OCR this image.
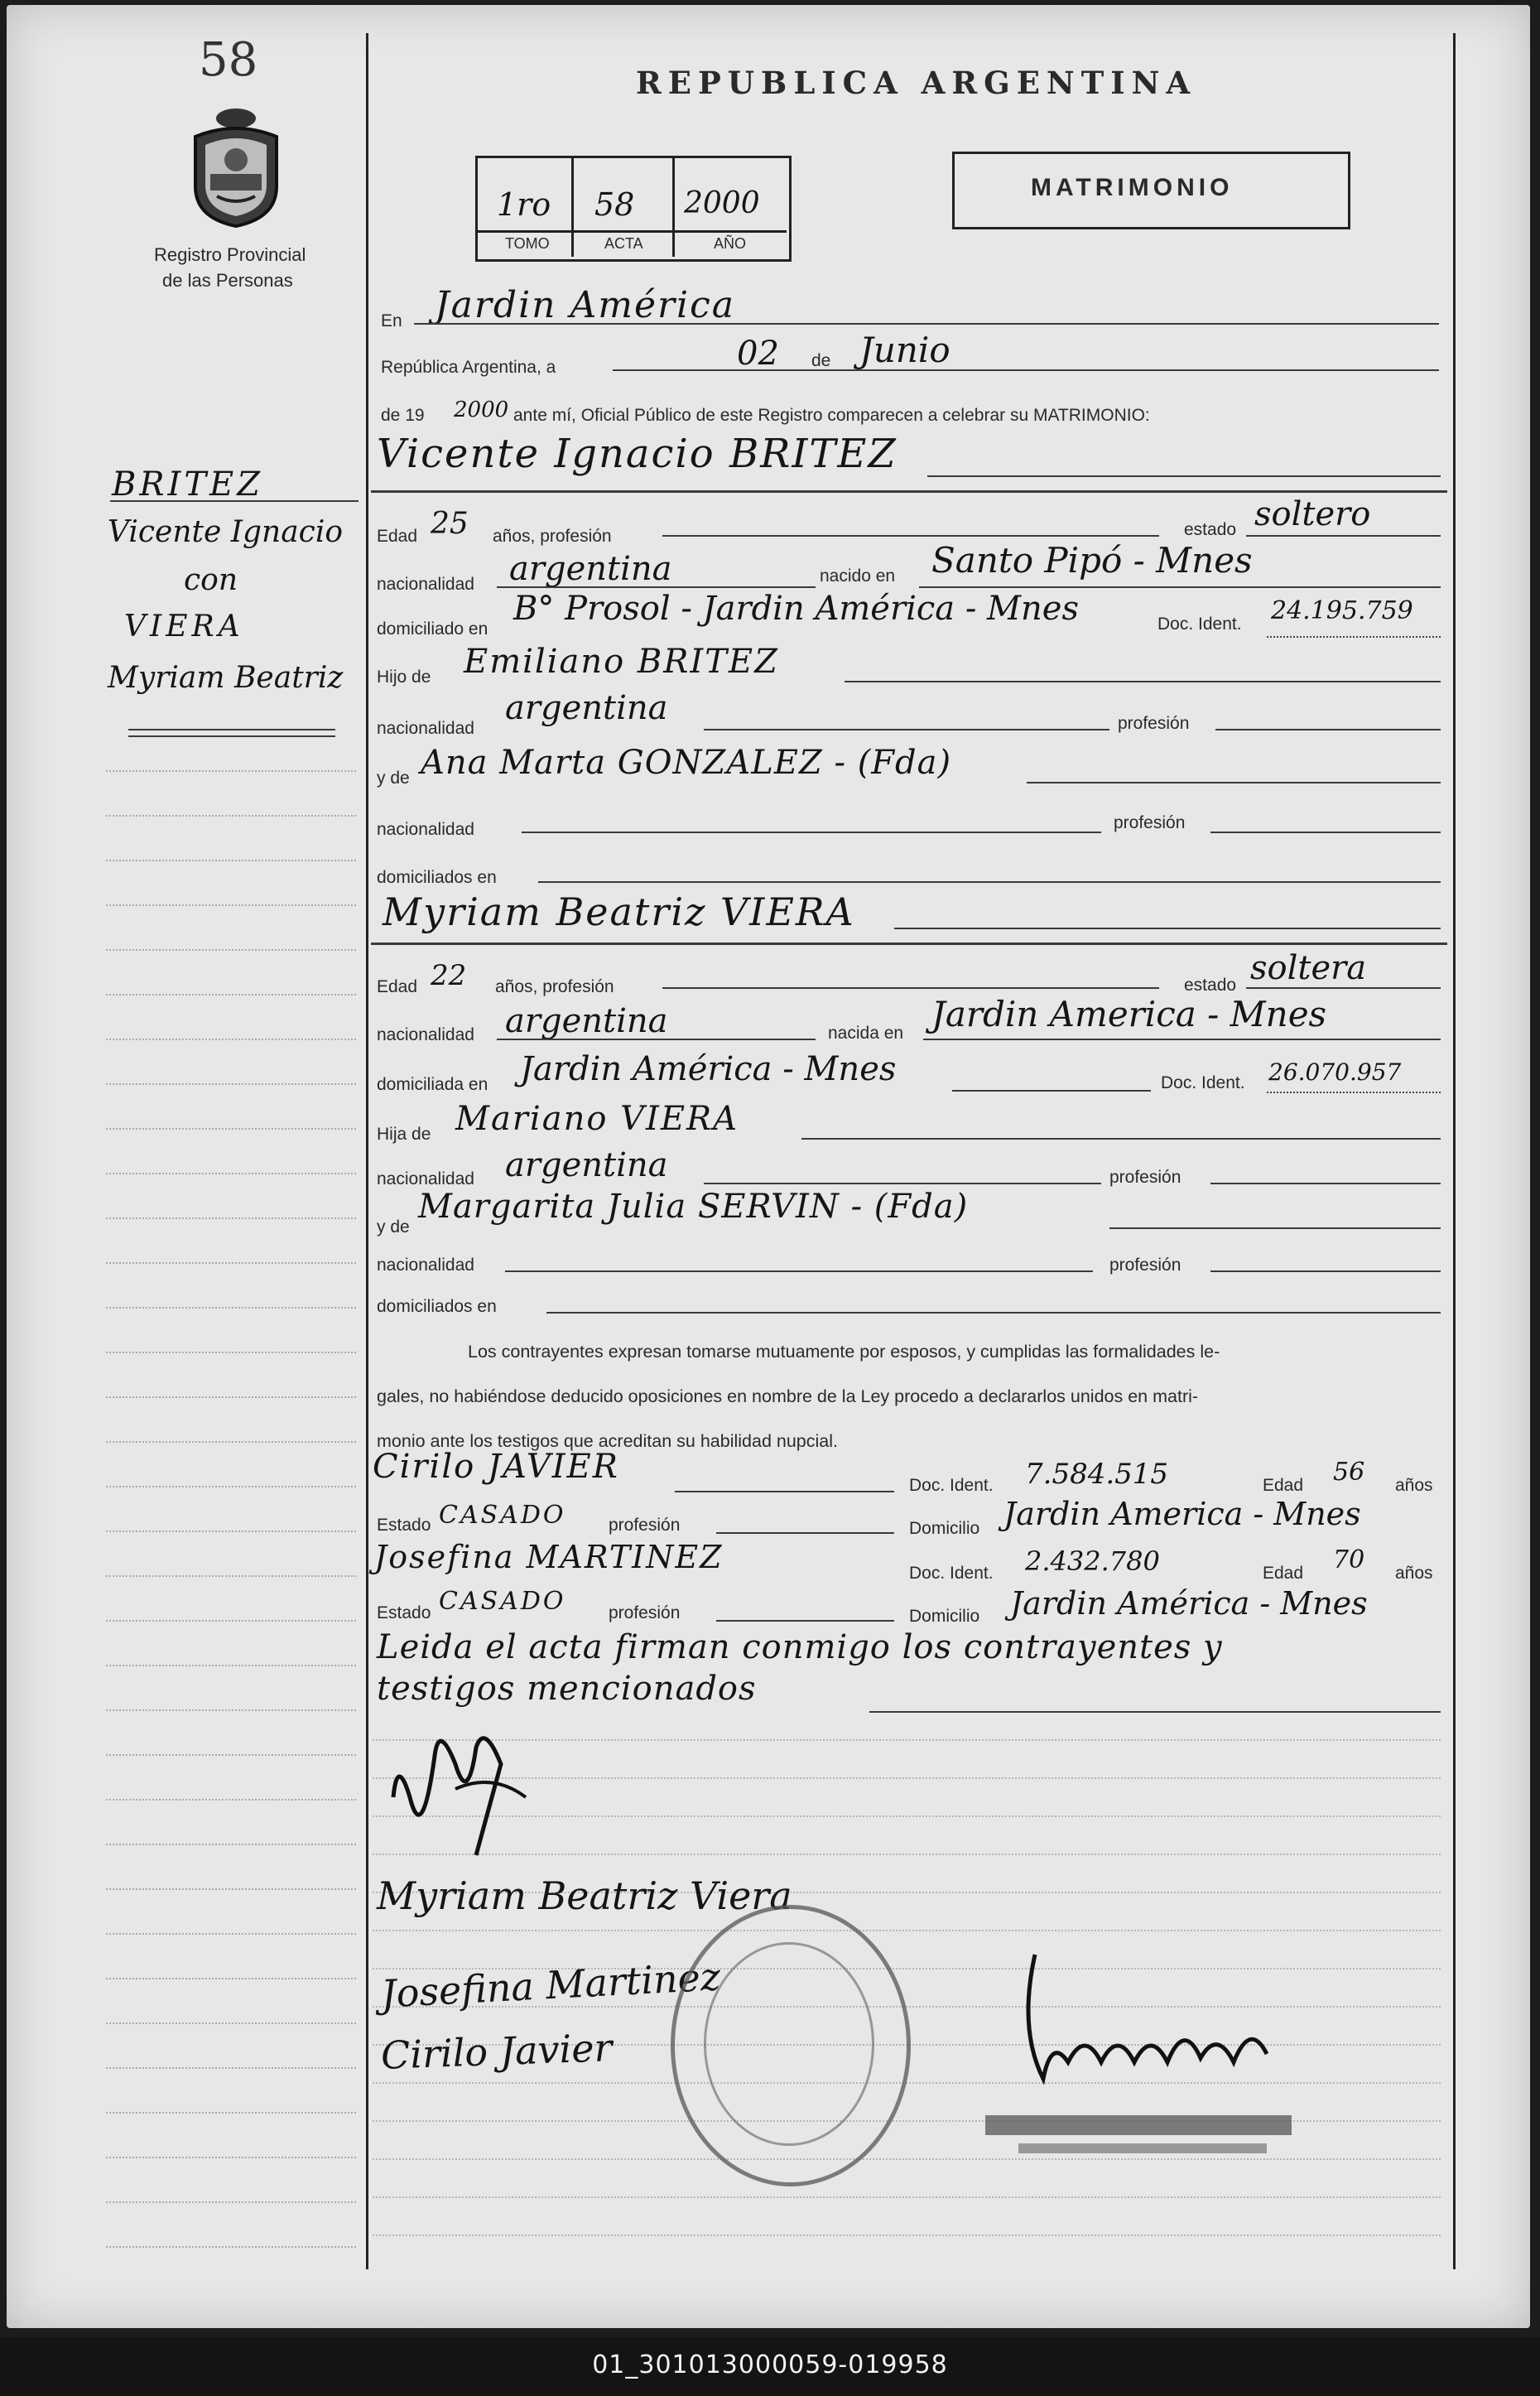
58
Registro Provincial
de las Personas
BRITEZ
Vicente Ignacio
con
VIERA
Myriam Beatriz
REPUBLICA ARGENTINA
1ro 58 2000
TOMO	ACTA	AÑO
MATRIMONIO
En Jardin América
República Argentina, a	02 de Junio
de 19 2000 ante mí, Oficial Público de este Registro comparecen a celebrar su MATRIMONIO:
Vicente Ignacio BRITEZ
Edad 25 años, profesión	estado soltero
nacionalidad argentina	nacido en Santo Pipó - Mnes
domiciliado en
B° Prosol - Jardin América - Mnes	Doc. Ident. 24.195.759
Hijo de Emiliano BRITEZ
nacionalidad
argentina	profesión
y de Ana Marta GONZALEZ - (Fda)
nacionalidad	profesión
domiciliados en
Myriam Beatriz VIERA
Edad 22 años, profesión	estado soltera
nacionalidad argentina	nacida en Jardin America - Mnes
domiciliada en Jardin América - Mnes	Doc. Ident. 26.070.957
Hija de Mariano VIERA
nacionalidad argentina	profesión
y de
Margarita Julia SERVIN - (Fda)
nacionalidad	profesión
domiciliados en
Los contrayentes expresan tomarse mutuamente por esposos, y cumplidas las formalidades le-
gales, no habiéndose deducido oposiciones en nombre de la Ley procedo a declararlos unidos en matri-
monio ante los testigos que acreditan su habilidad nupcial.
Cirilo JAVIER	Doc. Ident. 7.584.515	Edad 56 años
Estado CASADO profesión	Domicilio Jardin America - Mnes
Josefina MARTINEZ	Doc. Ident. 2.432.780	Edad 70 años
Estado CASADO profesión	Domicilio Jardin América - Mnes
Leida el acta firman conmigo los contrayentes y
testigos mencionados
Myriam Beatriz Viera
Josefina Martinez
Cirilo Javier
01_301013000059-019958
